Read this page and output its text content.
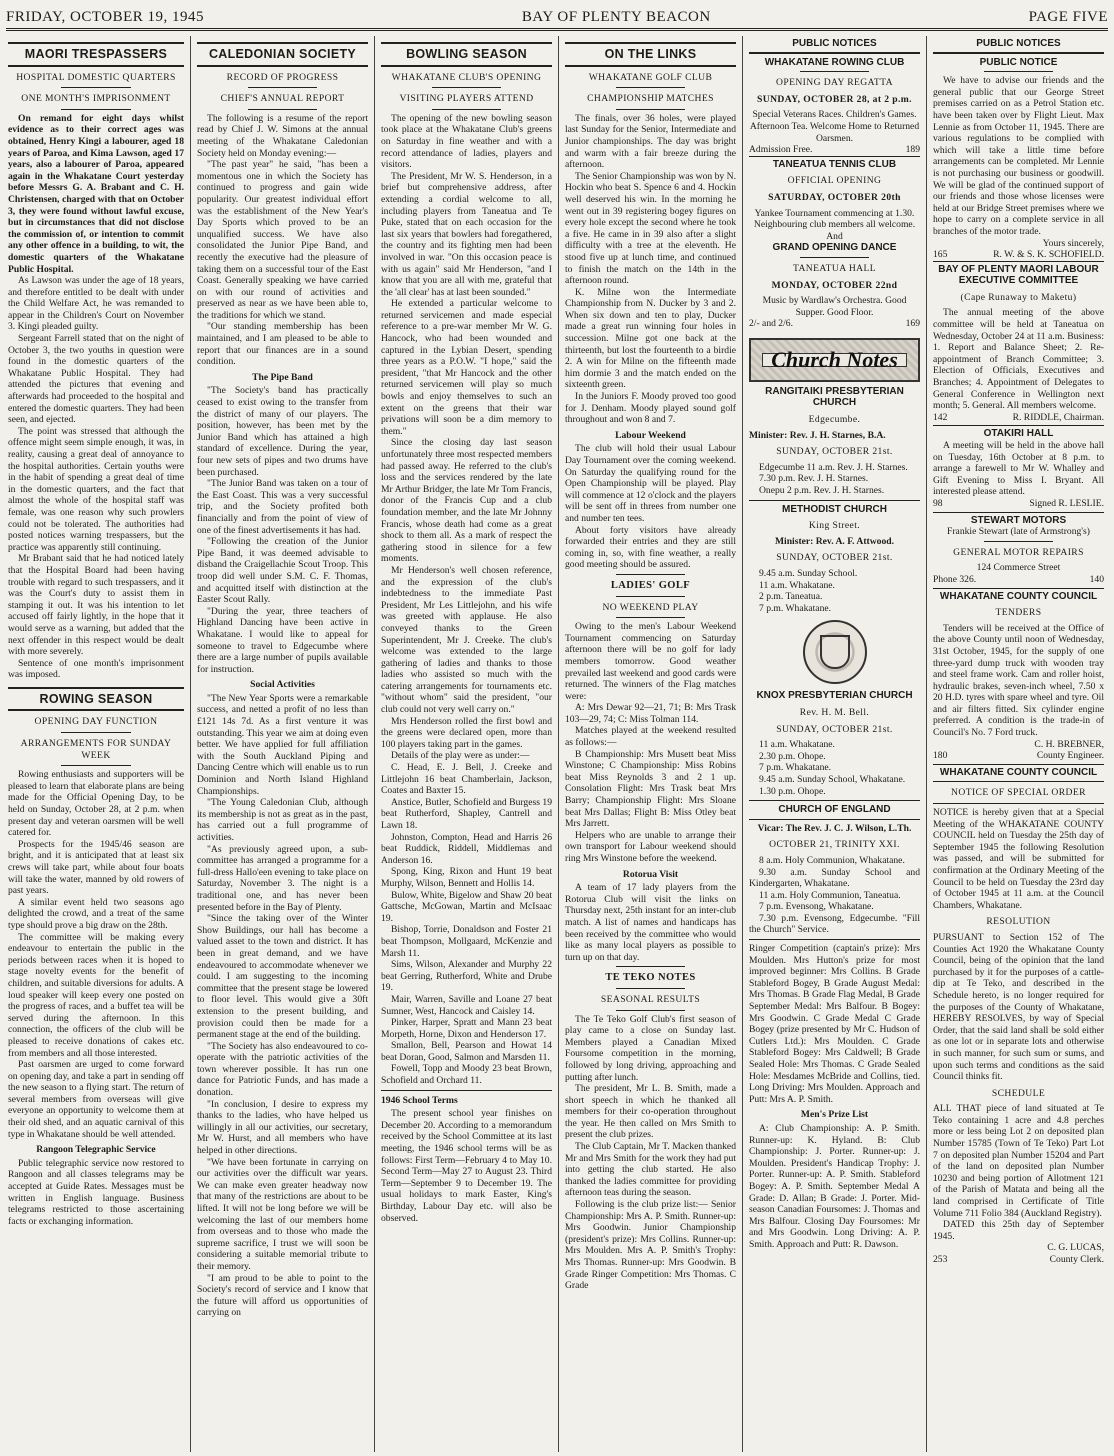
FRIDAY, OCTOBER 19, 1945	BAY OF PLENTY BEACON	PAGE FIVE
MAORI TRESPASSERS
HOSPITAL DOMESTIC QUARTERS
ONE MONTH'S IMPRISONMENT

On remand for eight days whilst evidence as to their correct ages was obtained, Henry Kingi a labourer, aged 18 years of Paroa, and Kima Lawson, aged 17 years, also a labourer of Paroa, appeared again in the Whakatane Court yesterday before Messrs G. A. Brabant and C. H. Christensen, charged with that on October 3, they were found without lawful excuse, but in circumstances that did not disclose the commission of, or intention to commit any other offence in a building, to wit, the domestic quarters of the Whakatane Public Hospital.

As Lawson was under the age of 18 years, and therefore entitled to be dealt with under the Child Welfare Act, he was remanded to appear in the Children's Court on November 3. Kingi pleaded guilty.

Sergeant Farrell stated that on the night of October 3, the two youths in question were found in the domestic quarters of the Whakatane Public Hospital. They had attended the pictures that evening and afterwards had proceeded to the hospital and entered the domestic quarters. They had been seen, and ejected.

The point was stressed that although the offence might seem simple enough, it was, in reality, causing a great deal of annoyance to the hospital authorities. Certain youths were in the habit of spending a great deal of time in the domestic quarters, and the fact that almost the whole of the hospital staff was female, was one reason why such prowlers could not be tolerated. The authorities had posted notices warning trespassers, but the practice was apparently still continuing.

Mr Brabant said that he had noticed lately that the Hospital Board had been having trouble with regard to such trespassers, and it was the Court's duty to assist them in stamping it out. It was his intention to let accused off fairly lightly, in the hope that it would serve as a warning, but added that the next offender in this respect would be dealt with more severely.

Sentence of one month's imprisonment was imposed.

ROWING SEASON
OPENING DAY FUNCTION
ARRANGEMENTS FOR SUNDAY WEEK

Rowing enthusiasts and supporters will be pleased to learn that elaborate plans are being made for the Official Opening Day, to be held on Sunday, October 28, at 2 p.m. when present day and veteran oarsmen will be well catered for.

Prospects for the 1945/46 season are bright, and it is anticipated that at least six crews will take part, while about four boats will take the water, manned by old rowers of past years.

A similar event held two seasons ago delighted the crowd, and a treat of the same type should prove a big draw on the 28th.

The committee will be making every endeavour to entertain the public in the periods between races when it is hoped to stage novelty events for the benefit of children, and suitable diversions for adults. A loud speaker will keep every one posted on the progress of races, and a buffet tea will be served during the afternoon. In this connection, the officers of the club will be pleased to receive donations of cakes etc. from members and all those interested.

Past oarsmen are urged to come forward on opening day, and take a part in sending off the new season to a flying start. The return of several members from overseas will give everyone an opportunity to welcome them at their old shed, and an aquatic carnival of this type in Whakatane should be well attended.

Rangoon Telegraphic Service

Public telegraphic service now restored to Rangoon and all classes telegrams may be accepted at Guide Rates. Messages must be written in English language. Business telegrams restricted to those ascertaining facts or exchanging information.

CALEDONIAN SOCIETY
RECORD OF PROGRESS
CHIEF'S ANNUAL REPORT

The following is a resume of the report read by Chief J. W. Simons at the annual meeting of the Whakatane Caledonian Society held on Monday evening:—

"The past year" he said, "has been a momentous one in which the Society has continued to progress and gain wide popularity. Our greatest individual effort was the establishment of the New Year's Day Sports which proved to be an unqualified success. We have also consolidated the Junior Pipe Band, and recently the executive had the pleasure of taking them on a successful tour of the East Coast. Generally speaking we have carried on with our round of activities and preserved as near as we have been able to, the traditions for which we stand.

"Our standing membership has been maintained, and I am pleased to be able to report that our finances are in a sound condition.

The Pipe Band

"The Society's band has practically ceased to exist owing to the transfer from the district of many of our players. The position, however, has been met by the Junior Band which has attained a high standard of excellence. During the year, four new sets of pipes and two drums have been purchased.

"The Junior Band was taken on a tour of the East Coast. This was a very successful trip, and the Society profited both financially and from the point of view of one of the finest advertisements it has had.

"Following the creation of the Junior Pipe Band, it was deemed advisable to disband the Craigellachie Scout Troop. This troop did well under S.M. C. F. Thomas, and acquitted itself with distinction at the Easter Scout Rally.

"During the year, three teachers of Highland Dancing have been active in Whakatane. I would like to appeal for someone to travel to Edgecumbe where there are a large number of pupils available for instruction.

Social Activities

"The New Year Sports were a remarkable success, and netted a profit of no less than £121 14s 7d. As a first venture it was outstanding. This year we aim at doing even better. We have applied for full affiliation with the South Auckland Piping and Dancing Centre which will enable us to run Dominion and North Island Highland Championships.

"The Young Caledonian Club, although its membership is not as great as in the past, has carried out a full programme of activities.

"As previously agreed upon, a sub-committee has arranged a programme for a full-dress Hallo'een evening to take place on Saturday, November 3. The night is a traditional one, and has never been presented before in the Bay of Plenty.

"Since the taking over of the Winter Show Buildings, our hall has become a valued asset to the town and district. It has been in great demand, and we have endeavoured to accommodate whenever we could. I am suggesting to the incoming committee that the present stage be lowered to floor level. This would give a 30ft extension to the present building, and provision could then be made for a permanent stage at the end of the building.

"The Society has also endeavoured to co-operate with the patriotic activities of the town wherever possible. It has run one dance for Patriotic Funds, and has made a donation.

"In conclusion, I desire to express my thanks to the ladies, who have helped us willingly in all our activities, our secretary, Mr W. Hurst, and all members who have helped in other directions.

"We have been fortunate in carrying on our activities over the difficult war years. We can make even greater headway now that many of the restrictions are about to be lifted. It will not be long before we will be welcoming the last of our members home from overseas and to those who made the supreme sacrifice, I trust we will soon be considering a suitable memorial tribute to their memory.

"I am proud to be able to point to the Society's record of service and I know that the future will afford us opportunities of carrying on

BOWLING SEASON
WHAKATANE CLUB'S OPENING
VISITING PLAYERS ATTEND

The opening of the new bowling season took place at the Whakatane Club's greens on Saturday in fine weather and with a record attendance of ladies, players and visitors.

The President, Mr W. S. Henderson, in a brief but comprehensive address, after extending a cordial welcome to all, including players from Taneatua and Te Puke, stated that on each occasion for the last six years that bowlers had foregathered, the country and its fighting men had been involved in war. "On this occasion peace is with us again" said Mr Henderson, "and I know that you are all with me, grateful that the 'all clear' has at last been sounded."

He extended a particular welcome to returned servicemen and made especial reference to a pre-war member Mr W. G. Hancock, who had been wounded and captured in the Lybian Desert, spending three years as a P.O.W. "I hope," said the president, "that Mr Hancock and the other returned servicemen will play so much bowls and enjoy themselves to such an extent on the greens that their war privations will soon be a dim memory to them."

Since the closing day last season unfortunately three most respected members had passed away. He referred to the club's loss and the services rendered by the late Mr Arthur Bridger, the late Mr Tom Francis, donor of the Francis Cup and a club foundation member, and the late Mr Johnny Francis, whose death had come as a great shock to them all. As a mark of respect the gathering stood in silence for a few moments.

Mr Henderson's well chosen reference, and the expression of the club's indebtedness to the immediate Past President, Mr Les Littlejohn, and his wife was greeted with applause. He also conveyed thanks to the Green Superintendent, Mr J. Creeke. The club's welcome was extended to the large gathering of ladies and thanks to those ladies who assisted so much with the catering arrangements for tournaments etc. "without whom" said the president, "our club could not very well carry on."

Mrs Henderson rolled the first bowl and the greens were declared open, more than 100 players taking part in the games.

Details of the play were as under:—

C. Head, E. J. Bell, J. Creeke and Littlejohn 16 beat Chamberlain, Jackson, Coates and Baxter 15.

Anstice, Butler, Schofield and Burgess 19 beat Rutherford, Shapley, Cantrell and Lawn 18.

Johnston, Compton, Head and Harris 26 beat Ruddick, Riddell, Middlemas and Anderson 16.

Spong, King, Rixon and Hunt 19 beat Murphy, Wilson, Bennett and Hollis 14.

Bulow, White, Bigelow and Shaw 20 beat Gattsche, McGowan, Martin and McIsaac 19.

Bishop, Torrie, Donaldson and Foster 21 beat Thompson, Mollgaard, McKenzie and Marsh 11.

Sims, Wilson, Alexander and Murphy 22 beat Gerring, Rutherford, White and Drube 19.

Mair, Warren, Saville and Loane 27 beat Sumner, West, Hancock and Caisley 14.

Pinker, Harper, Spratt and Mann 23 beat Morpeth, Horne, Dixon and Henderson 17.

Smallon, Bell, Pearson and Howat 14 beat Doran, Good, Salmon and Marsden 11.

Fowell, Topp and Moody 23 beat Brown, Schofield and Orchard 11.

1946 School Terms

The present school year finishes on December 20. According to a memorandum received by the School Committee at its last meeting, the 1946 school terms will be as follows: First Term—February 4 to May 10. Second Term—May 27 to August 23. Third Term—September 9 to December 19. The usual holidays to mark Easter, King's Birthday, Labour Day etc. will also be observed.

ON THE LINKS
WHAKATANE GOLF CLUB
CHAMPIONSHIP MATCHES

The finals, over 36 holes, were played last Sunday for the Senior, Intermediate and Junior championships. The day was bright and warm with a fair breeze during the afternoon.

The Senior Championship was won by N. Hockin who beat S. Spence 6 and 4. Hockin well deserved his win. In the morning he went out in 39 registering bogey figures on every hole except the second where he took a five. He came in in 39 also after a slight difficulty with a tree at the eleventh. He stood five up at lunch time, and continued to finish the match on the 14th in the afternoon round.

K. Milne won the Intermediate Championship from N. Ducker by 3 and 2. When six down and ten to play, Ducker made a great run winning four holes in succession. Milne got one back at the thirteenth, but lost the fourteenth to a birdie 2. A win for Milne on the fifteenth made him dormie 3 and the match ended on the sixteenth green.

In the Juniors F. Moody proved too good for J. Denham. Moody played sound golf throughout and won 8 and 7.

Labour Weekend

The club will hold their usual Labour Day Tournament over the coming weekend. On Saturday the qualifying round for the Open Championship will be played. Play will commence at 12 o'clock and the players will be sent off in threes from number one and number ten tees.

About forty visitors have already forwarded their entries and they are still coming in, so, with fine weather, a really good meeting should be assured.

LADIES' GOLF
NO WEEKEND PLAY

Owing to the men's Labour Weekend Tournament commencing on Saturday afternoon there will be no golf for lady members tomorrow. Good weather prevailed last weekend and good cards were returned. The winners of the Flag matches were:

A: Mrs Dewar 92—21, 71; B: Mrs Trask 103—29, 74; C: Miss Tolman 114.

Matches played at the weekend resulted as follows:—

B Championship: Mrs Musett beat Miss Winstone; C Championship: Miss Robins beat Miss Reynolds 3 and 2 1 up. Consolation Flight: Mrs Trask beat Mrs Barry; Championship Flight: Mrs Sloane beat Mrs Dallas; Flight B: Miss Otley beat Mrs Jarrett.

Helpers who are unable to arrange their own transport for Labour weekend should ring Mrs Winstone before the weekend.

Rotorua Visit

A team of 17 lady players from the Rotorua Club will visit the links on Thursday next, 25th instant for an inter-club match. A list of names and handicaps has been received by the committee who would like as many local players as possible to turn up on that day.

TE TEKO NOTES
SEASONAL RESULTS

The Te Teko Golf Club's first season of play came to a close on Sunday last. Members played a Canadian Mixed Foursome competition in the morning, followed by long driving, approaching and putting after lunch.

The president, Mr L. B. Smith, made a short speech in which he thanked all members for their co-operation throughout the year. He then called on Mrs Smith to present the club prizes.

The Club Captain, Mr T. Macken thanked Mr and Mrs Smith for the work they had put into getting the club started. He also thanked the ladies committee for providing afternoon teas during the season.

Following is the club prize list:— Senior Championship: Mrs A. P. Smith. Runner-up: Mrs Goodwin. Junior Championship (president's prize): Mrs Collins. Runner-up: Mrs Moulden. Mrs A. P. Smith's Trophy: Mrs Thomas. Runner-up: Mrs Goodwin. B Grade Ringer Competition: Mrs Thomas. C Grade

PUBLIC NOTICES
WHAKATANE ROWING CLUB
OPENING DAY REGATTA
SUNDAY, OCTOBER 28, at 2 p.m.

Special Veterans Races. Children's Games. Afternoon Tea. Welcome Home to Returned Oarsmen.

Admission Free.	189

TANEATUA TENNIS CLUB
OFFICIAL OPENING
SATURDAY, OCTOBER 20th

Yankee Tournament commencing at 1.30. Neighbouring club members all welcome.

And

GRAND OPENING DANCE
TANEATUA HALL
MONDAY, OCTOBER 22nd

Music by Wardlaw's Orchestra. Good Supper. Good Floor.

2/- and 2/6.	169

Church Notes
RANGITAIKI PRESBYTERIAN CHURCH
Edgecumbe.

Minister: Rev. J. H. Starnes, B.A.

SUNDAY, OCTOBER 21st.

Edgecumbe 11 a.m. Rev. J. H. Starnes.

7.30 p.m. Rev. J. H. Starnes.

Onepu 2 p.m. Rev. J. H. Starnes.

METHODIST CHURCH
King Street.

Minister: Rev. A. F. Attwood.

SUNDAY, OCTOBER 21st.

9.45 a.m. Sunday School.

11 a.m. Whakatane.

2 p.m. Taneatua.

7 p.m. Whakatane.

KNOX PRESBYTERIAN CHURCH
Rev. H. M. Bell.
SUNDAY, OCTOBER 21st.

11 a.m. Whakatane.

2.30 p.m. Ohope.

7 p.m. Whakatane.

9.45 a.m. Sunday School, Whakatane.

1.30 p.m. Ohope.

CHURCH OF ENGLAND

Vicar: The Rev. J. C. J. Wilson, L.Th.

OCTOBER 21, TRINITY XXI.

8 a.m. Holy Communion, Whakatane.

9.30 a.m. Sunday School and Kindergarten, Whakatane.

11 a.m. Holy Communion, Taneatua.

7 p.m. Evensong, Whakatane.

7.30 p.m. Evensong, Edgecumbe. "Fill the Church" Service.

Ringer Competition (captain's prize): Mrs Moulden. Mrs Hutton's prize for most improved beginner: Mrs Collins. B Grade Stableford Bogey, B Grade August Medal: Mrs Thomas. B Grade Flag Medal, B Grade September Medal: Mrs Balfour. B Bogey: Mrs Goodwin. C Grade Medal C Grade Bogey (prize presented by Mr C. Hudson of Cutlers Ltd.): Mrs Moulden. C Grade Stableford Bogey: Mrs Caldwell; B Grade Sealed Hole: Mrs Thomas. C Grade Sealed Hole: Mesdames McBride and Collins, tied. Long Driving: Mrs Moulden. Approach and Putt: Mrs A. P. Smith.

Men's Prize List

A: Club Championship: A. P. Smith. Runner-up: K. Hyland. B: Club Championship: J. Porter. Runner-up: J. Moulden. President's Handicap Trophy: J. Porter. Runner-up: A. P. Smith. Stableford Bogey: A. P. Smith. September Medal A Grade: D. Allan; B Grade: J. Porter. Mid-season Canadian Foursomes: J. Thomas and Mrs Balfour. Closing Day Foursomes: Mr and Mrs Goodwin. Long Driving: A. P. Smith. Approach and Putt: R. Dawson.

PUBLIC NOTICES
PUBLIC NOTICE

We have to advise our friends and the general public that our George Street premises carried on as a Petrol Station etc. have been taken over by Flight Lieut. Max Lennie as from October 11, 1945. There are various regulations to be complied with which will take a little time before arrangements can be completed. Mr Lennie is not purchasing our business or goodwill. We will be glad of the continued support of our friends and those whose licenses were held at our Bridge Street premises where we hope to carry on a complete service in all branches of the motor trade.

Yours sincerely,

165	R. W. & S. K. SCHOFIELD.

BAY OF PLENTY MAORI LABOUR EXECUTIVE COMMITTEE
(Cape Runaway to Maketu)

The annual meeting of the above committee will be held at Taneatua on Wednesday, October 24 at 11 a.m. Business: 1. Report and Balance Sheet; 2. Re-appointment of Branch Committee; 3. Election of Officials, Executives and Branches; 4. Appointment of Delegates to General Conference in Wellington next month; 5. General. All members welcome.

142	R. RIDDLE, Chairman.

OTAKIRI HALL

A meeting will be held in the above hall on Tuesday, 16th October at 8 p.m. to arrange a farewell to Mr W. Whalley and Gift Evening to Miss I. Bryant. All interested please attend.

98	Signed R. LESLIE.

STEWART MOTORS

Frankie Stewart (late of Armstrong's)

GENERAL MOTOR REPAIRS

124 Commerce Street

Phone 326.	140

WHAKATANE COUNTY COUNCIL
TENDERS

Tenders will be received at the Office of the above County until noon of Wednesday, 31st October, 1945, for the supply of one three-yard dump truck with wooden tray and steel frame work. Cam and roller hoist, hydraulic brakes, seven-inch wheel, 7.50 x 20 H.D. tyres with spare wheel and tyre. Oil and air filters fitted. Six cylinder engine preferred. A condition is the trade-in of Council's No. 7 Ford truck.

C. H. BREBNER,

180	County Engineer.

WHAKATANE COUNTY COUNCIL
NOTICE OF SPECIAL ORDER

NOTICE is hereby given that at a Special Meeting of the WHAKATANE COUNTY COUNCIL held on Tuesday the 25th day of September 1945 the following Resolution was passed, and will be submitted for confirmation at the Ordinary Meeting of the Council to be held on Tuesday the 23rd day of October 1945 at 11 a.m. at the Council Chambers, Whakatane.

RESOLUTION

PURSUANT to Section 152 of The Counties Act 1920 the Whakatane County Council, being of the opinion that the land purchased by it for the purposes of a cattle-dip at Te Teko, and described in the Schedule hereto, is no longer required for the purposes of the County of Whakatane, HEREBY RESOLVES, by way of Special Order, that the said land shall be sold either as one lot or in separate lots and otherwise in such manner, for such sum or sums, and upon such terms and conditions as the said Council thinks fit.

SCHEDULE

ALL THAT piece of land situated at Te Teko containing 1 acre and 4.8 perches more or less being Lot 2 on deposited plan Number 15785 (Town of Te Teko) Part Lot 7 on deposited plan Number 15204 and Part of the land on deposited plan Number 10230 and being portion of Allotment 121 of the Parish of Matata and being all the land comprised in Certificate of Title Volume 711 Folio 384 (Auckland Registry).

DATED this 25th day of September 1945.

C. G. LUCAS,

253	County Clerk.
